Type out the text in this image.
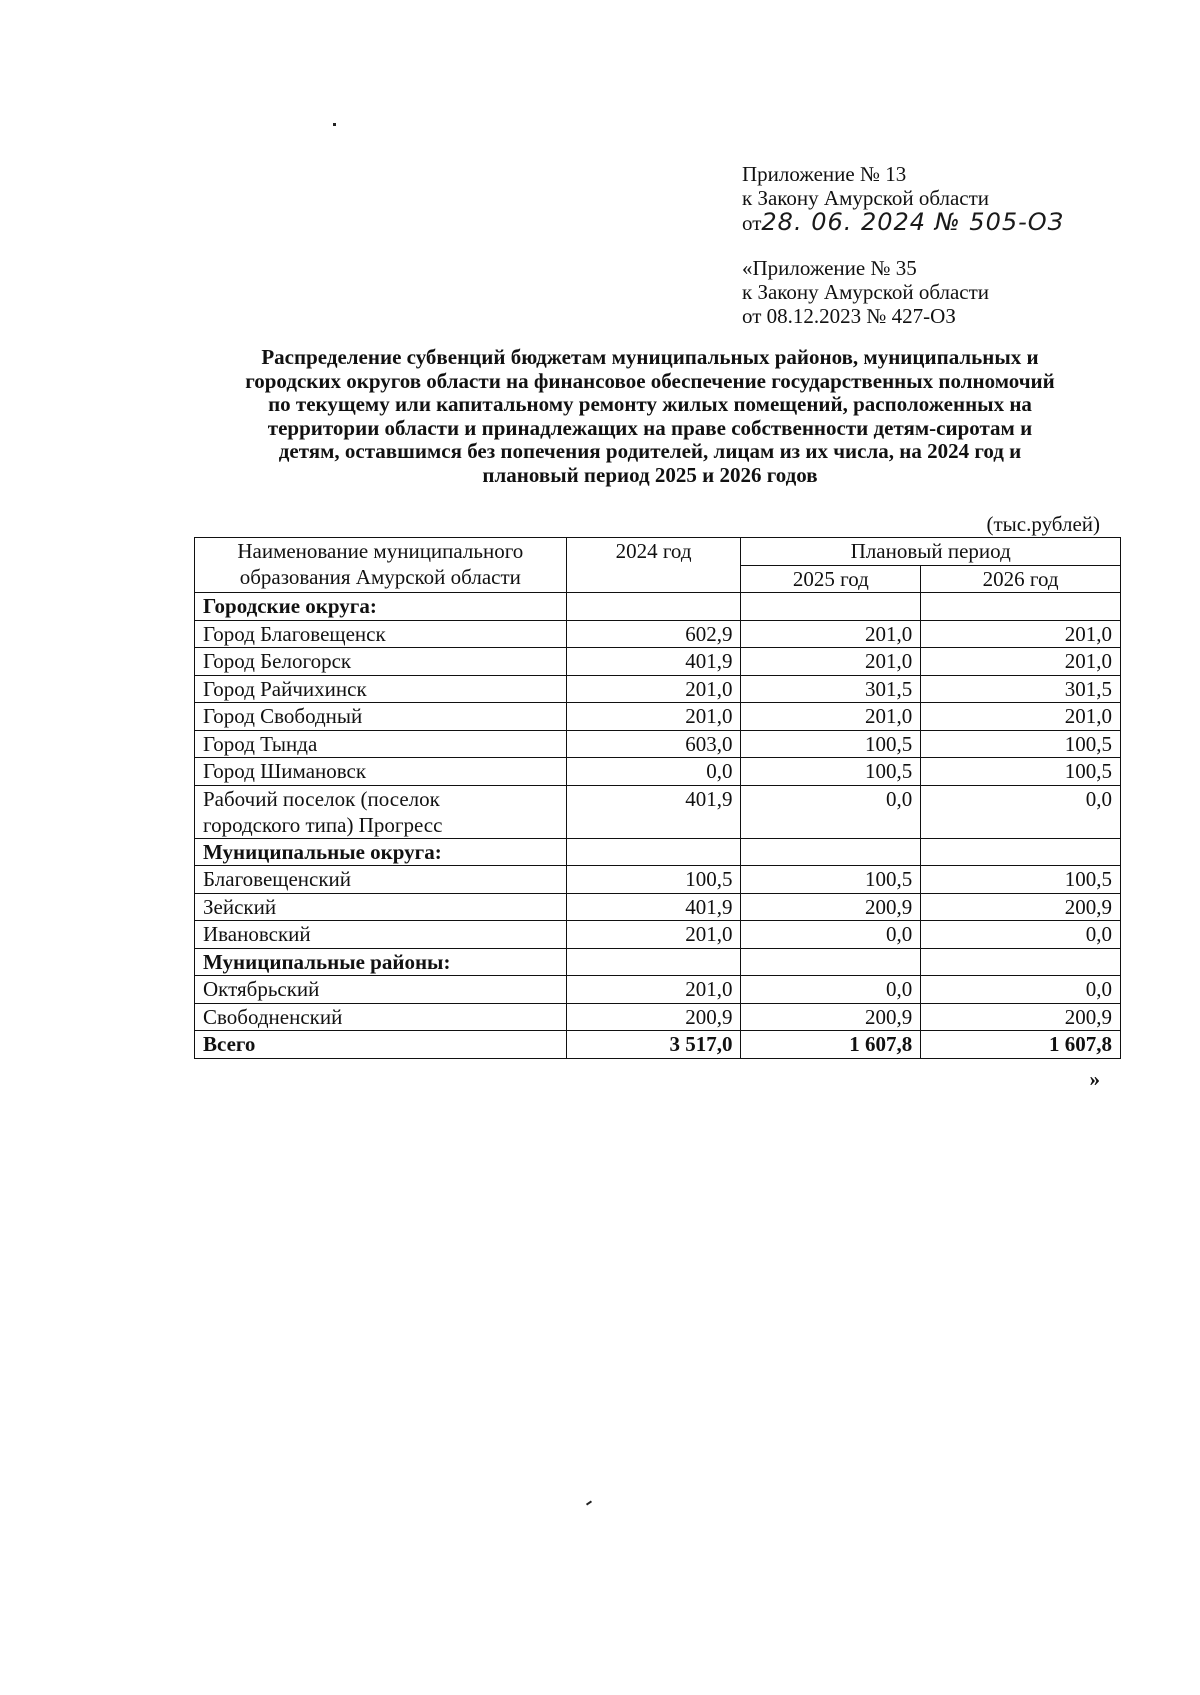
Приложение № 13
к Закону Амурской области
от28. 06. 2024 № 505-ОЗ
«Приложение № 35
к Закону Амурской области
от 08.12.2023 № 427-ОЗ
Распределение субвенций бюджетам муниципальных районов, муниципальных и
городских округов области на финансовое обеспечение государственных полномочий
по текущему или капитальному ремонту жилых помещений, расположенных на
территории области и принадлежащих на праве собственности детям-сиротам и
детям, оставшимся без попечения родителей, лицам из их числа, на 2024 год и
плановый период 2025 и 2026 годов
(тыс.рублей)
Наименование муниципального
образования Амурской области	2024 год	Плановый период	
		2025 год	2026 год

Городские округа:			

Город Благовещенск	602,9	201,0	201,0

Город Белогорск	401,9	201,0	201,0

Город Райчихинск	201,0	301,5	301,5

Город Свободный	201,0	201,0	201,0

Город Тында	603,0	100,5	100,5

Город Шимановск	0,0	100,5	100,5

Рабочий поселок (поселок
городского типа) Прогресс	401,9	0,0	0,0

Муниципальные округа:			

Благовещенский	100,5	100,5	100,5

Зейский	401,9	200,9	200,9

Ивановский	201,0	0,0	0,0

Муниципальные районы:			

Октябрьский	201,0	0,0	0,0

Свободненский	200,9	200,9	200,9

Всего	3 517,0	1 607,8	1 607,8
»
